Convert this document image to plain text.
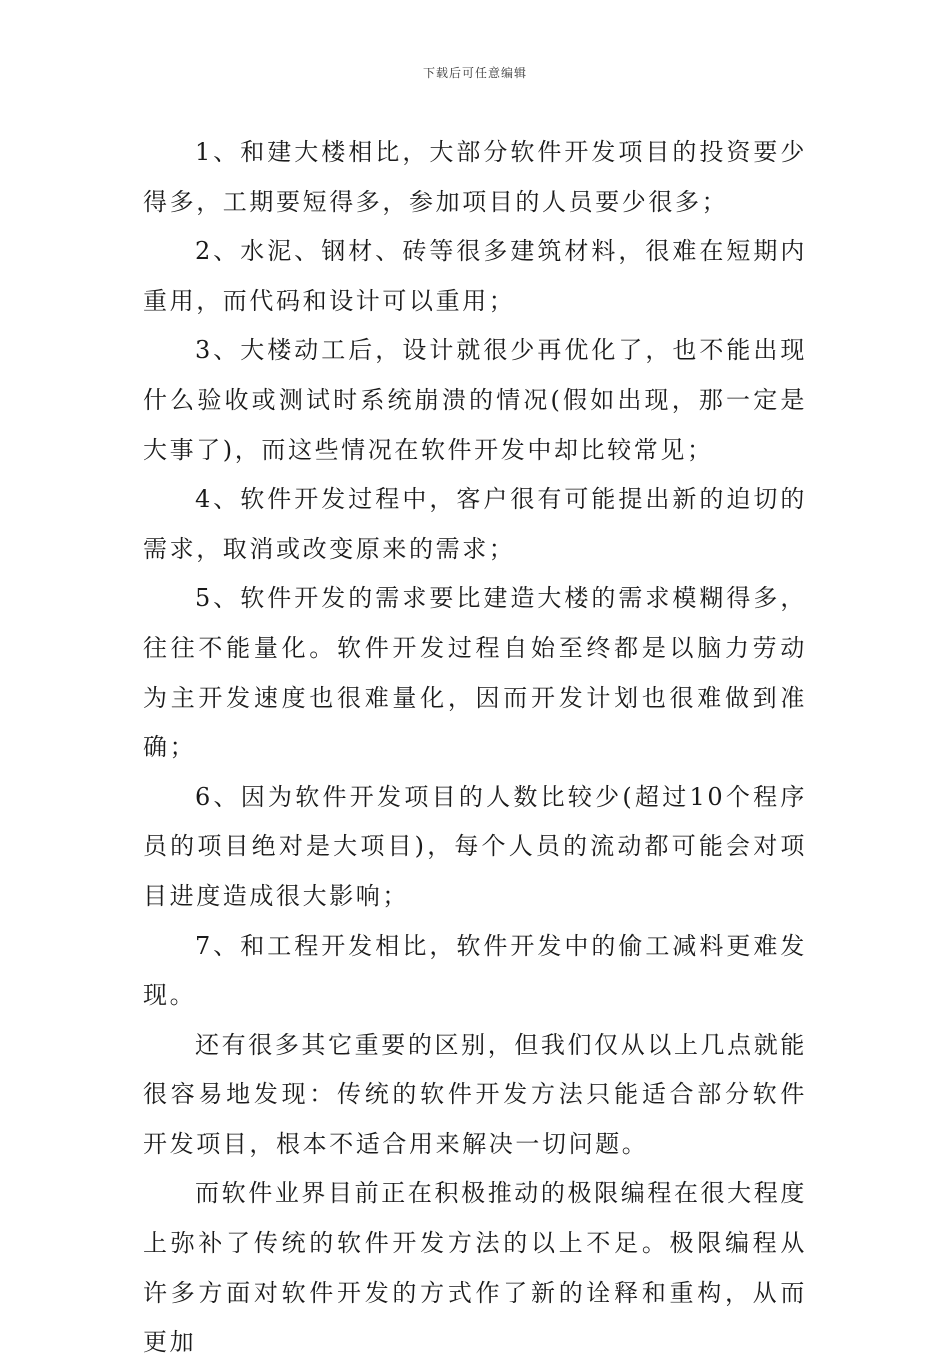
下载后可任意编辑

1、和建大楼相比，大部分软件开发项目的投资要少得多，工期要短得多，参加项目的人员要少很多；

2、水泥、钢材、砖等很多建筑材料，很难在短期内重用，而代码和设计可以重用；

3、大楼动工后，设计就很少再优化了，也不能出现什么验收或测试时系统崩溃的情况(假如出现，那一定是大事了)，而这些情况在软件开发中却比较常见；

4、软件开发过程中，客户很有可能提出新的迫切的需求，取消或改变原来的需求；

5、软件开发的需求要比建造大楼的需求模糊得多，往往不能量化。软件开发过程自始至终都是以脑力劳动为主开发速度也很难量化，因而开发计划也很难做到准确；

6、因为软件开发项目的人数比较少(超过10个程序员的项目绝对是大项目)，每个人员的流动都可能会对项目进度造成很大影响；

7、和工程开发相比，软件开发中的偷工减料更难发现。

还有很多其它重要的区别，但我们仅从以上几点就能很容易地发现：传统的软件开发方法只能适合部分软件开发项目，根本不适合用来解决一切问题。

而软件业界目前正在积极推动的极限编程在很大程度上弥补了传统的软件开发方法的以上不足。极限编程从许多方面对软件开发的方式作了新的诠释和重构，从而更加
